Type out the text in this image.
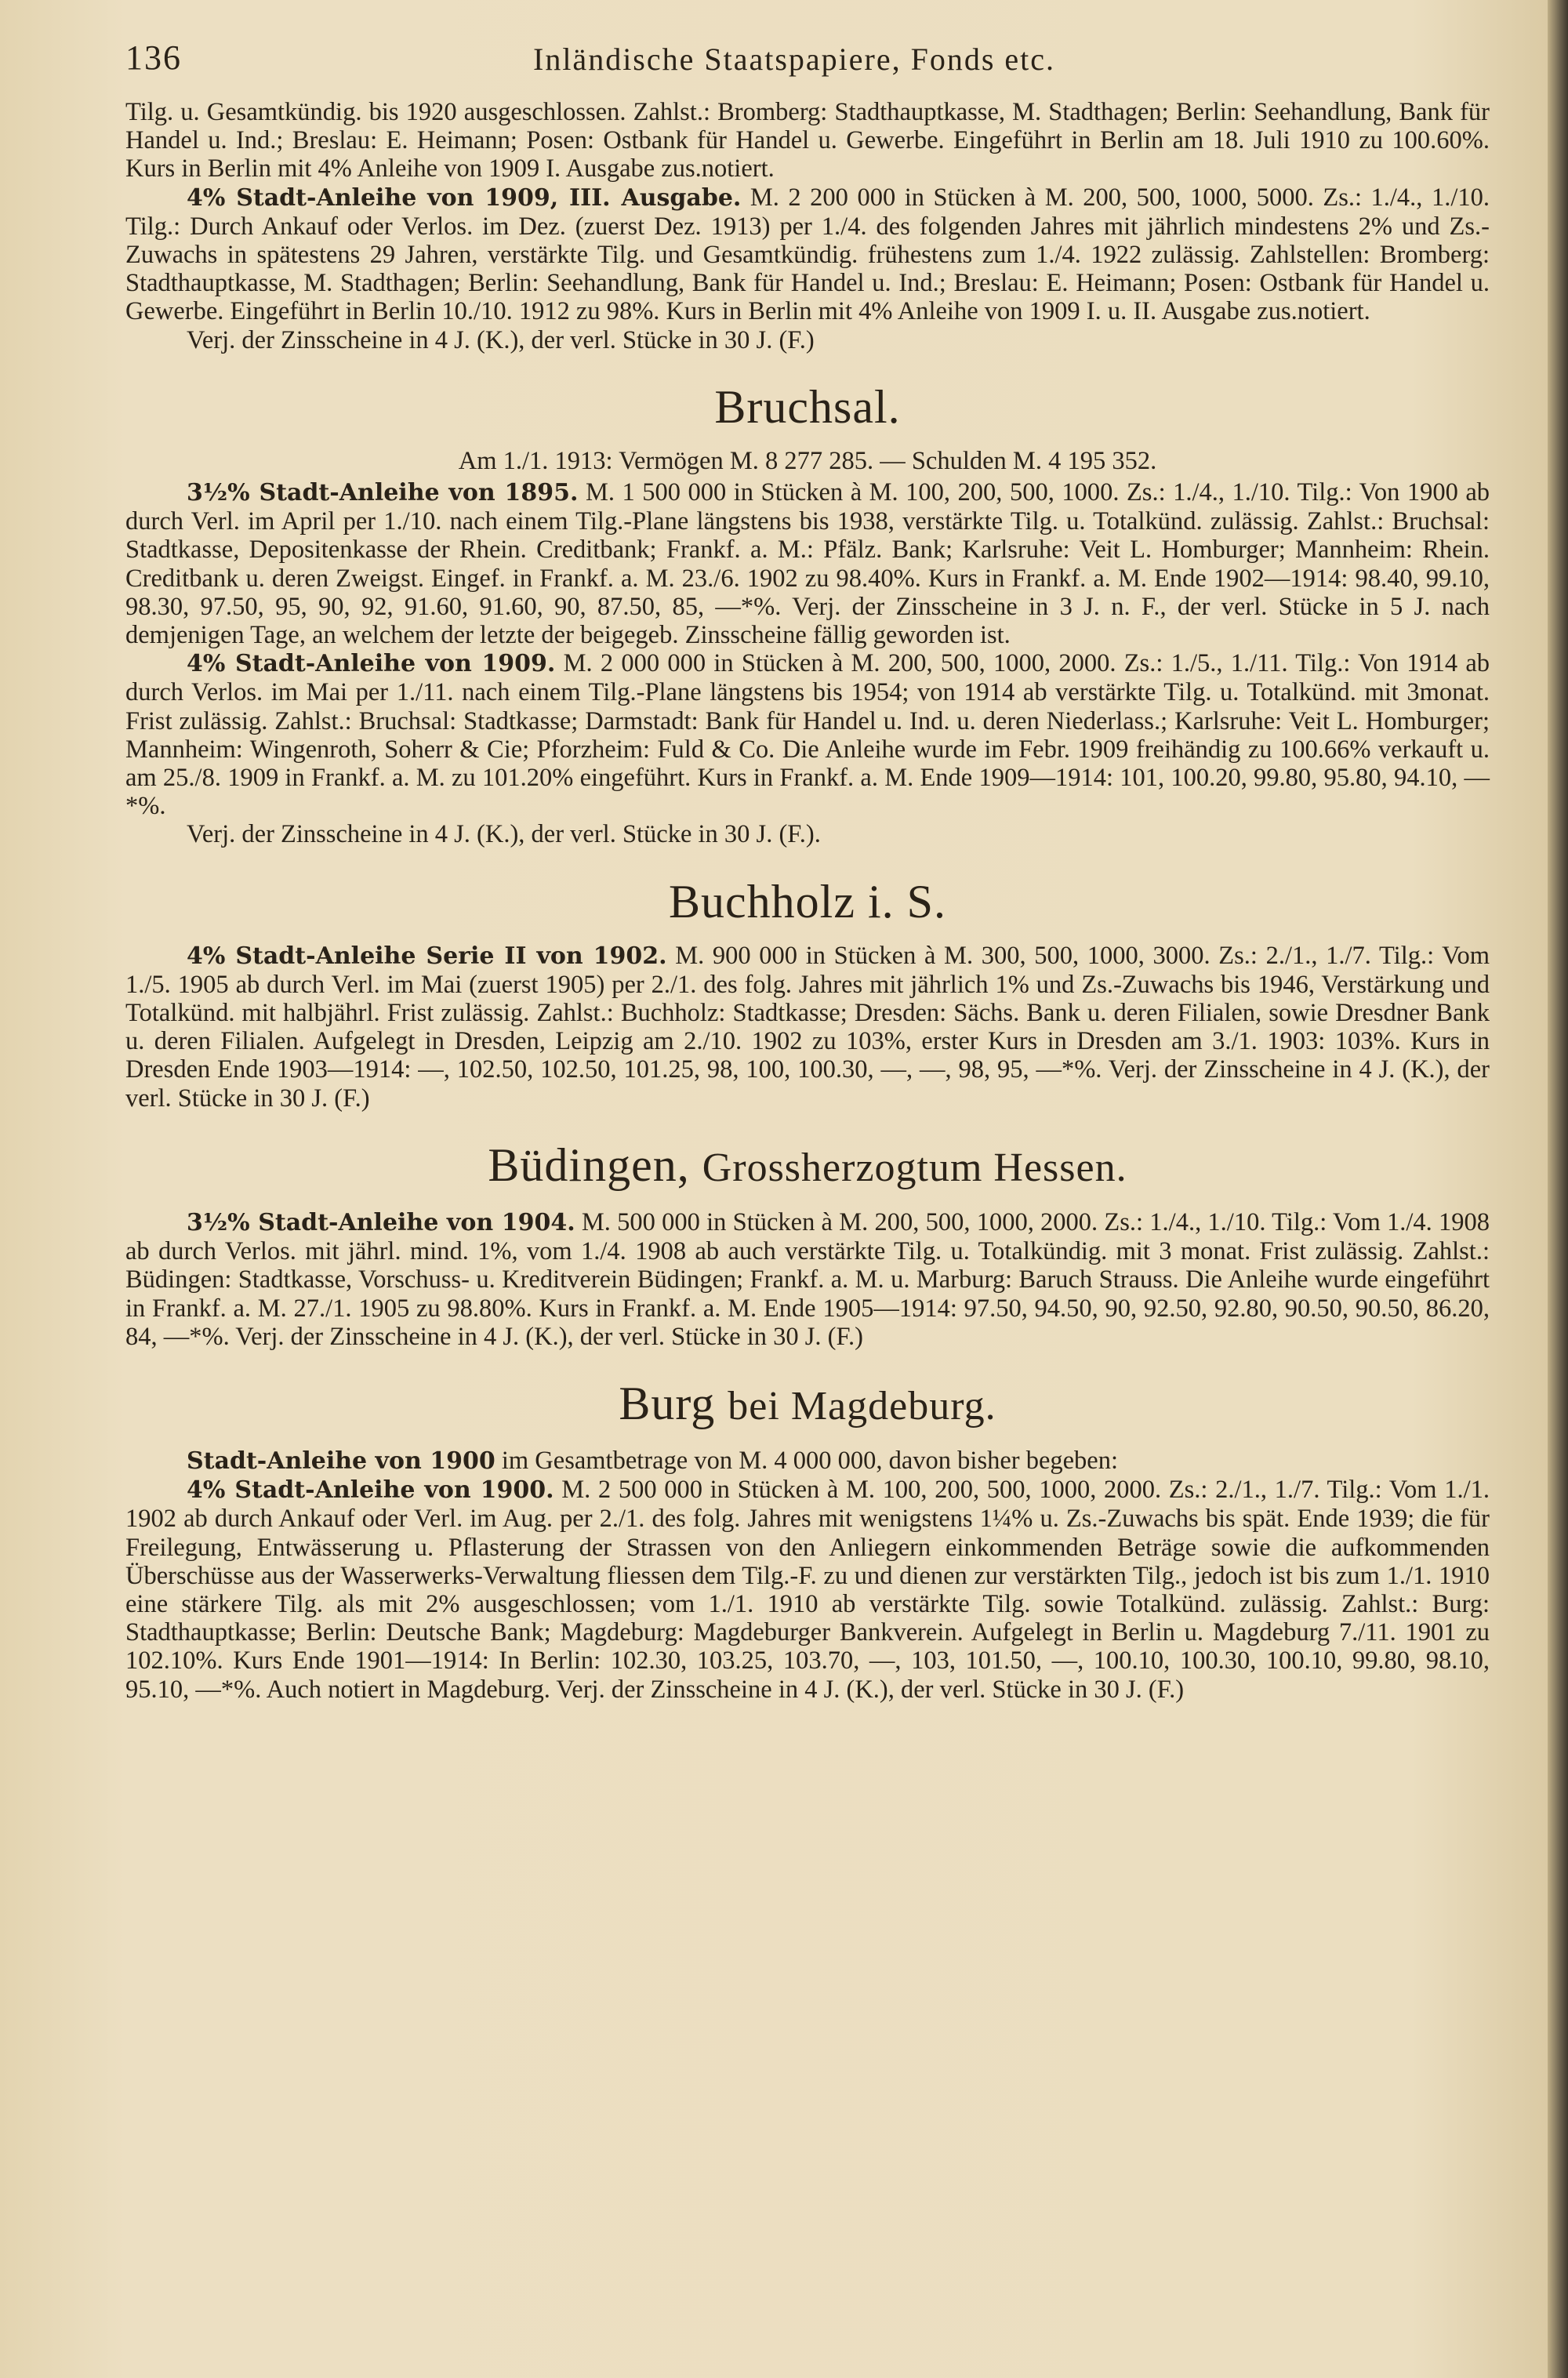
136	Inländische Staatspapiere, Fonds etc.

Tilg. u. Gesamtkündig. bis 1920 ausgeschlossen. Zahlst.: Bromberg: Stadthauptkasse, M. Stadthagen; Berlin: Seehandlung, Bank für Handel u. Ind.; Breslau: E. Heimann; Posen: Ostbank für Handel u. Gewerbe. Eingeführt in Berlin am 18. Juli 1910 zu 100.60%. Kurs in Berlin mit 4% Anleihe von 1909 I. Ausgabe zus.notiert.

4% Stadt-Anleihe von 1909, III. Ausgabe. M. 2 200 000 in Stücken à M. 200, 500, 1000, 5000. Zs.: 1./4., 1./10. Tilg.: Durch Ankauf oder Verlos. im Dez. (zuerst Dez. 1913) per 1./4. des folgenden Jahres mit jährlich mindestens 2% und Zs.-Zuwachs in spätestens 29 Jahren, verstärkte Tilg. und Gesamtkündig. frühestens zum 1./4. 1922 zulässig. Zahlstellen: Bromberg: Stadthauptkasse, M. Stadthagen; Berlin: Seehandlung, Bank für Handel u. Ind.; Breslau: E. Heimann; Posen: Ostbank für Handel u. Gewerbe. Eingeführt in Berlin 10./10. 1912 zu 98%. Kurs in Berlin mit 4% Anleihe von 1909 I. u. II. Ausgabe zus.notiert.

Verj. der Zinsscheine in 4 J. (K.), der verl. Stücke in 30 J. (F.)

Bruchsal.

Am 1./1. 1913: Vermögen M. 8 277 285. — Schulden M. 4 195 352.

3½% Stadt-Anleihe von 1895. M. 1 500 000 in Stücken à M. 100, 200, 500, 1000. Zs.: 1./4., 1./10. Tilg.: Von 1900 ab durch Verl. im April per 1./10. nach einem Tilg.-Plane längstens bis 1938, verstärkte Tilg. u. Totalkünd. zulässig. Zahlst.: Bruchsal: Stadtkasse, Depositenkasse der Rhein. Creditbank; Frankf. a. M.: Pfälz. Bank; Karlsruhe: Veit L. Homburger; Mannheim: Rhein. Creditbank u. deren Zweigst. Eingef. in Frankf. a. M. 23./6. 1902 zu 98.40%. Kurs in Frankf. a. M. Ende 1902—1914: 98.40, 99.10, 98.30, 97.50, 95, 90, 92, 91.60, 91.60, 90, 87.50, 85, —*%. Verj. der Zinsscheine in 3 J. n. F., der verl. Stücke in 5 J. nach demjenigen Tage, an welchem der letzte der beigegeb. Zinsscheine fällig geworden ist.

4% Stadt-Anleihe von 1909. M. 2 000 000 in Stücken à M. 200, 500, 1000, 2000. Zs.: 1./5., 1./11. Tilg.: Von 1914 ab durch Verlos. im Mai per 1./11. nach einem Tilg.-Plane längstens bis 1954; von 1914 ab verstärkte Tilg. u. Totalkünd. mit 3monat. Frist zulässig. Zahlst.: Bruchsal: Stadtkasse; Darmstadt: Bank für Handel u. Ind. u. deren Niederlass.; Karlsruhe: Veit L. Homburger; Mannheim: Wingenroth, Soherr & Cie; Pforzheim: Fuld & Co. Die Anleihe wurde im Febr. 1909 freihändig zu 100.66% verkauft u. am 25./8. 1909 in Frankf. a. M. zu 101.20% eingeführt. Kurs in Frankf. a. M. Ende 1909—1914: 101, 100.20, 99.80, 95.80, 94.10, —*%.

Verj. der Zinsscheine in 4 J. (K.), der verl. Stücke in 30 J. (F.).

Buchholz i. S.

4% Stadt-Anleihe Serie II von 1902. M. 900 000 in Stücken à M. 300, 500, 1000, 3000. Zs.: 2./1., 1./7. Tilg.: Vom 1./5. 1905 ab durch Verl. im Mai (zuerst 1905) per 2./1. des folg. Jahres mit jährlich 1% und Zs.-Zuwachs bis 1946, Verstärkung und Totalkünd. mit halbjährl. Frist zulässig. Zahlst.: Buchholz: Stadtkasse; Dresden: Sächs. Bank u. deren Filialen, sowie Dresdner Bank u. deren Filialen. Aufgelegt in Dresden, Leipzig am 2./10. 1902 zu 103%, erster Kurs in Dresden am 3./1. 1903: 103%. Kurs in Dresden Ende 1903—1914: —, 102.50, 102.50, 101.25, 98, 100, 100.30, —, —, 98, 95, —*%. Verj. der Zinsscheine in 4 J. (K.), der verl. Stücke in 30 J. (F.)

Büdingen, Grossherzogtum Hessen.

3½% Stadt-Anleihe von 1904. M. 500 000 in Stücken à M. 200, 500, 1000, 2000. Zs.: 1./4., 1./10. Tilg.: Vom 1./4. 1908 ab durch Verlos. mit jährl. mind. 1%, vom 1./4. 1908 ab auch verstärkte Tilg. u. Totalkündig. mit 3 monat. Frist zulässig. Zahlst.: Büdingen: Stadtkasse, Vorschuss- u. Kreditverein Büdingen; Frankf. a. M. u. Marburg: Baruch Strauss. Die Anleihe wurde eingeführt in Frankf. a. M. 27./1. 1905 zu 98.80%. Kurs in Frankf. a. M. Ende 1905—1914: 97.50, 94.50, 90, 92.50, 92.80, 90.50, 90.50, 86.20, 84, —*%. Verj. der Zinsscheine in 4 J. (K.), der verl. Stücke in 30 J. (F.)

Burg bei Magdeburg.

Stadt-Anleihe von 1900 im Gesamtbetrage von M. 4 000 000, davon bisher begeben:

4% Stadt-Anleihe von 1900. M. 2 500 000 in Stücken à M. 100, 200, 500, 1000, 2000. Zs.: 2./1., 1./7. Tilg.: Vom 1./1. 1902 ab durch Ankauf oder Verl. im Aug. per 2./1. des folg. Jahres mit wenigstens 1¼% u. Zs.-Zuwachs bis spät. Ende 1939; die für Freilegung, Entwässerung u. Pflasterung der Strassen von den Anliegern einkommenden Beträge sowie die aufkommenden Überschüsse aus der Wasserwerks-Verwaltung fliessen dem Tilg.-F. zu und dienen zur verstärkten Tilg., jedoch ist bis zum 1./1. 1910 eine stärkere Tilg. als mit 2% ausgeschlossen; vom 1./1. 1910 ab verstärkte Tilg. sowie Totalkünd. zulässig. Zahlst.: Burg: Stadthauptkasse; Berlin: Deutsche Bank; Magdeburg: Magdeburger Bankverein. Aufgelegt in Berlin u. Magdeburg 7./11. 1901 zu 102.10%. Kurs Ende 1901—1914: In Berlin: 102.30, 103.25, 103.70, —, 103, 101.50, —, 100.10, 100.30, 100.10, 99.80, 98.10, 95.10, —*%. Auch notiert in Magdeburg. Verj. der Zinsscheine in 4 J. (K.), der verl. Stücke in 30 J. (F.)
